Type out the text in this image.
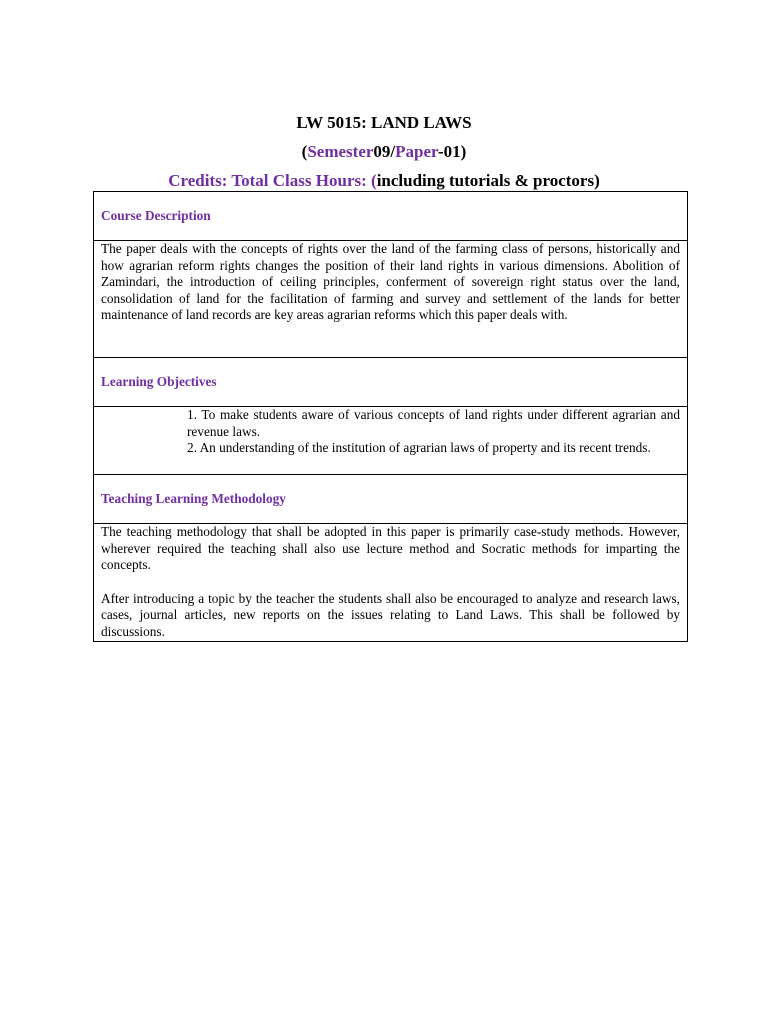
LW 5015: LAND LAWS
(Semester09/Paper-01)
Credits: Total Class Hours: (including tutorials & proctors)
Course Description

The paper deals with the concepts of rights over the land of the farming class of persons, historically and how agrarian reform rights changes the position of their land rights in various dimensions. Abolition of Zamindari, the introduction of ceiling principles, conferment of sovereign right status over the land, consolidation of land for the facilitation of farming and survey and settlement of the lands for better maintenance of land records are key areas agrarian reforms which this paper deals with.

Learning Objectives

1. To make students aware of various concepts of land rights under different agrarian and revenue laws.

2. An understanding of the institution of agrarian laws of property and its recent trends.

Teaching Learning Methodology

The teaching methodology that shall be adopted in this paper is primarily case-study methods. However, wherever required the teaching shall also use lecture method and Socratic methods for imparting the concepts.

After introducing a topic by the teacher the students shall also be encouraged to analyze and research laws, cases, journal articles, new reports on the issues relating to Land Laws. This shall be followed by discussions.
